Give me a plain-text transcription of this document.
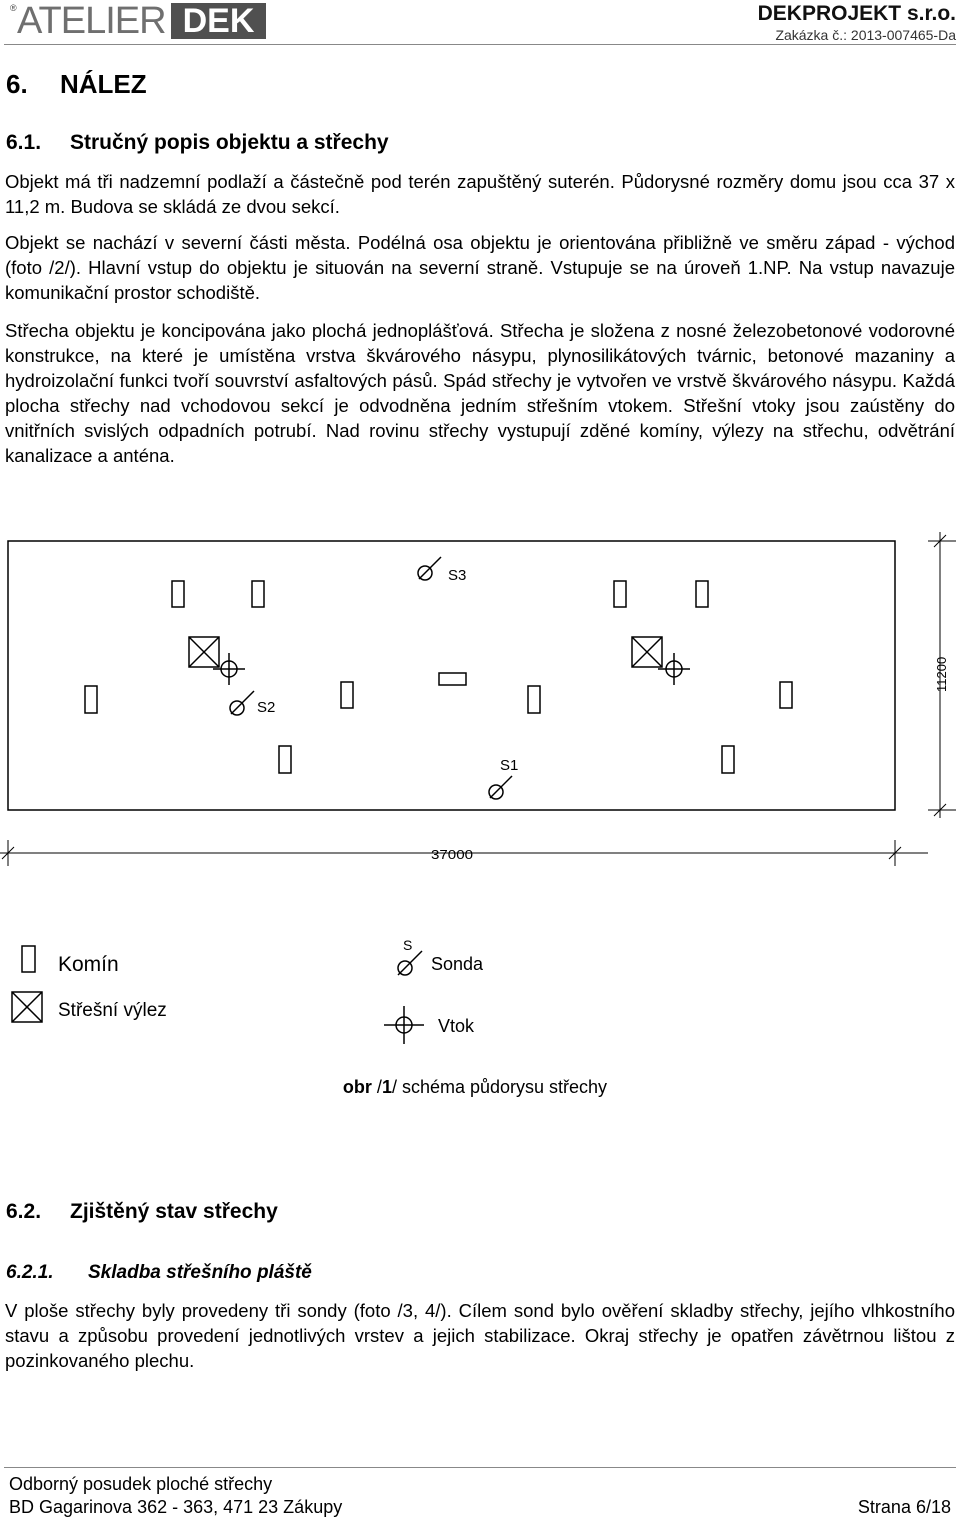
® ATELIER DEK	DEKPROJEKT s.r.o.
Zakázka č.: 2013-007465-Da
6. NÁLEZ
6.1. Stručný popis objektu a střechy
Objekt má tři nadzemní podlaží a částečně pod terén zapuštěný suterén. Půdorysné rozměry domu jsou cca 37 x 11,2 m. Budova se skládá ze dvou sekcí.
Objekt se nachází v severní části města. Podélná osa objektu je orientována přibližně ve směru západ - východ (foto /2/). Hlavní vstup do objektu je situován na severní straně. Vstupuje se na úroveň 1.NP. Na vstup navazuje komunikační prostor schodiště.
Střecha objektu je koncipována jako plochá jednoplášťová. Střecha je složena z nosné železobetonové vodorovné konstrukce, na které je umístěna vrstva škvárového násypu, plynosilikátových tvárnic, betonové mazaniny a hydroizolační funkci tvoří souvrství asfaltových pásů. Spád střechy je vytvořen ve vrstvě škvárového násypu. Každá plocha střechy nad vchodovou sekcí je odvodněna jedním střešním vtokem. Střešní vtoky jsou zaústěny do vnitřních svislých odpadních potrubí. Nad rovinu střechy vystupují zděné komíny, výlezy na střechu, odvětrání kanalizace a anténa.
S3
S2
S1
37000
11200
Komín
Střešní výlez
S
Sonda
Vtok
obr /1/ schéma půdorysu střechy
6.2. Zjištěný stav střechy
6.2.1. Skladba střešního pláště
V ploše střechy byly provedeny tři sondy (foto /3, 4/). Cílem sond bylo ověření skladby střechy, jejího vlhkostního stavu a způsobu provedení jednotlivých vrstev a jejich stabilizace. Okraj střechy je opatřen závětrnou lištou z pozinkovaného plechu.
Odborný posudek ploché střechy
BD Gagarinova 362 - 363, 471 23 Zákupy	Strana 6/18
